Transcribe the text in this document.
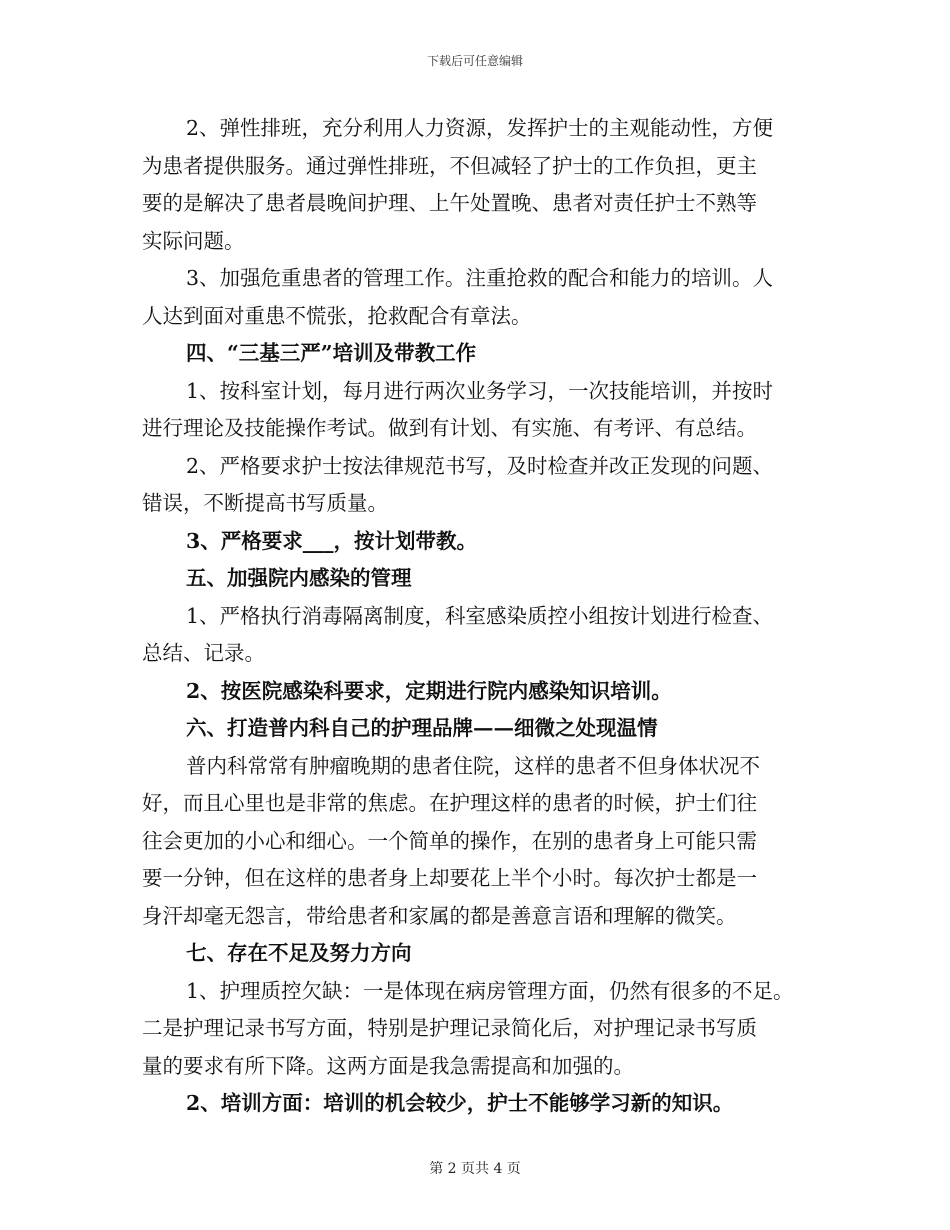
下载后可任意编辑
2、弹性排班，充分利用人力资源，发挥护士的主观能动性，方便
为患者提供服务。通过弹性排班，不但减轻了护士的工作负担，更主
要的是解决了患者晨晚间护理、上午处置晚、患者对责任护士不熟等
实际问题。
3、加强危重患者的管理工作。注重抢救的配合和能力的培训。人
人达到面对重患不慌张，抢救配合有章法。
四、“三基三严”培训及带教工作
1、按科室计划，每月进行两次业务学习，一次技能培训，并按时
进行理论及技能操作考试。做到有计划、有实施、有考评、有总结。
2、严格要求护士按法律规范书写，及时检查并改正发现的问题、
错误，不断提高书写质量。
3、严格要求___，按计划带教。
五、加强院内感染的管理
1、严格执行消毒隔离制度，科室感染质控小组按计划进行检查、
总结、记录。
2、按医院感染科要求，定期进行院内感染知识培训。
六、打造普内科自己的护理品牌——细微之处现温情
普内科常常有肿瘤晚期的患者住院，这样的患者不但身体状况不
好，而且心里也是非常的焦虑。在护理这样的患者的时候，护士们往
往会更加的小心和细心。一个简单的操作，在别的患者身上可能只需
要一分钟，但在这样的患者身上却要花上半个小时。每次护士都是一
身汗却毫无怨言，带给患者和家属的都是善意言语和理解的微笑。
七、存在不足及努力方向
1、护理质控欠缺：一是体现在病房管理方面，仍然有很多的不足。
二是护理记录书写方面，特别是护理记录简化后，对护理记录书写质
量的要求有所下降。这两方面是我急需提高和加强的。
2、培训方面：培训的机会较少，护士不能够学习新的知识。
第 2 页共 4 页
